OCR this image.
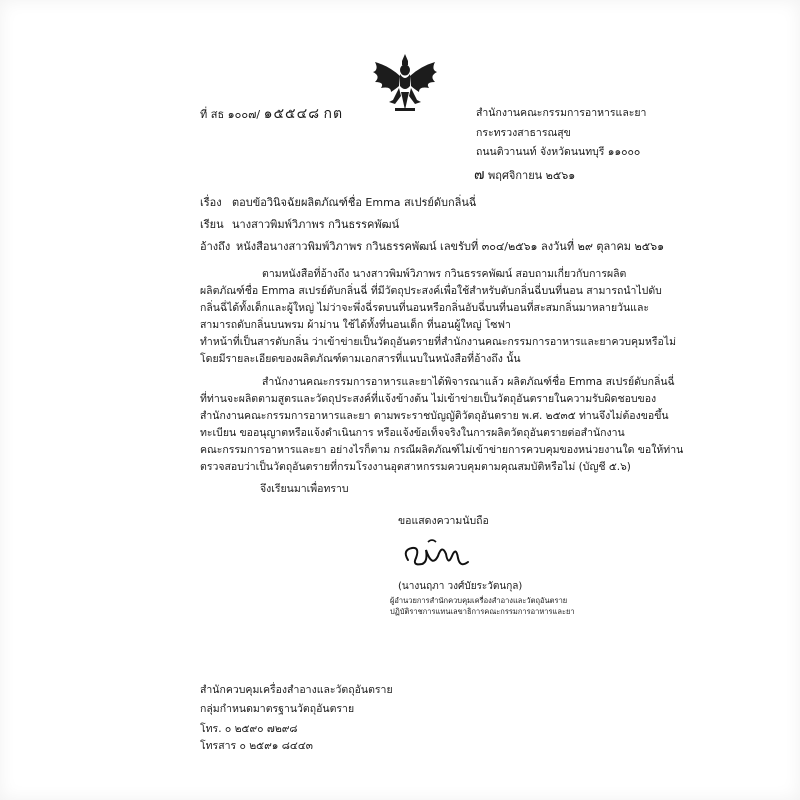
ที่ สธ ๑๐๐๗/ ๑๕๕๔๘ กต	สำนักงานคณะกรรมการอาหารและยา
กระทรวงสาธารณสุข
ถนนติวานนท์ จังหวัดนนทบุรี ๑๑๐๐๐
๗ พฤศจิกายน ๒๕๖๑
เรื่อง ตอบข้อวินิจฉัยผลิตภัณฑ์ชื่อ Emma สเปรย์ดับกลิ่นฉี่
เรียน นางสาวพิมพ์วิภาพร กวินธรรคพัฒน์
อ้างถึง หนังสือนางสาวพิมพ์วิภาพร กวินธรรคพัฒน์ เลขรับที่ ๓๐๔/๒๕๖๑ ลงวันที่ ๒๙ ตุลาคม ๒๕๖๑
ตามหนังสือที่อ้างถึง นางสาวพิมพ์วิภาพร กวินธรรคพัฒน์ สอบถามเกี่ยวกับการผลิต
ผลิตภัณฑ์ชื่อ Emma สเปรย์ดับกลิ่นฉี่ ที่มีวัตถุประสงค์เพื่อใช้สำหรับดับกลิ่นฉี่บนที่นอน สามารถนำไปดับ
กลิ่นฉี่ได้ทั้งเด็กและผู้ใหญ่ ไม่ว่าจะพึ่งฉี่รดบนที่นอนหรือกลิ่นอับฉี่บนที่นอนที่สะสมกลิ่นมาหลายวันและ
สามารถดับกลิ่นบนพรม ผ้าม่าน ใช้ได้ทั้งที่นอนเด็ก ที่นอนผู้ใหญ่ โซฟา
ทำหน้าที่เป็นสารดับกลิ่น ว่าเข้าข่ายเป็นวัตถุอันตรายที่สำนักงานคณะกรรมการอาหารและยาควบคุมหรือไม่
โดยมีรายละเอียดของผลิตภัณฑ์ตามเอกสารที่แนบในหนังสือที่อ้างถึง นั้น
สำนักงานคณะกรรมการอาหารและยาได้พิจารณาแล้ว ผลิตภัณฑ์ชื่อ Emma สเปรย์ดับกลิ่นฉี่
ที่ท่านจะผลิตตามสูตรและวัตถุประสงค์ที่แจ้งข้างต้น ไม่เข้าข่ายเป็นวัตถุอันตรายในความรับผิดชอบของ
สำนักงานคณะกรรมการอาหารและยา ตามพระราชบัญญัติวัตถุอันตราย พ.ศ. ๒๕๓๕ ท่านจึงไม่ต้องขอขึ้น
ทะเบียน ขออนุญาตหรือแจ้งดำเนินการ หรือแจ้งข้อเท็จจริงในการผลิตวัตถุอันตรายต่อสำนักงาน
คณะกรรมการอาหารและยา อย่างไรก็ตาม กรณีผลิตภัณฑ์ไม่เข้าข่ายการควบคุมของหน่วยงานใด ขอให้ท่าน
ตรวจสอบว่าเป็นวัตถุอันตรายที่กรมโรงงานอุตสาหกรรมควบคุมตามคุณสมบัติหรือไม่ (บัญชี ๕.๖)
จึงเรียนมาเพื่อทราบ
ขอแสดงความนับถือ
(นางนฤภา วงศ์บัยระวัตนกุล)
ผู้อำนวยการสำนักควบคุมเครื่องสำอางและวัตถุอันตราย
ปฏิบัติราชการแทนเลขาธิการคณะกรรมการอาหารและยา
สำนักควบคุมเครื่องสำอางและวัตถุอันตราย
กลุ่มกำหนดมาตรฐานวัตถุอันตราย
โทร. ๐ ๒๕๙๐ ๗๒๙๘
โทรสาร ๐ ๒๕๙๑ ๘๔๔๓
